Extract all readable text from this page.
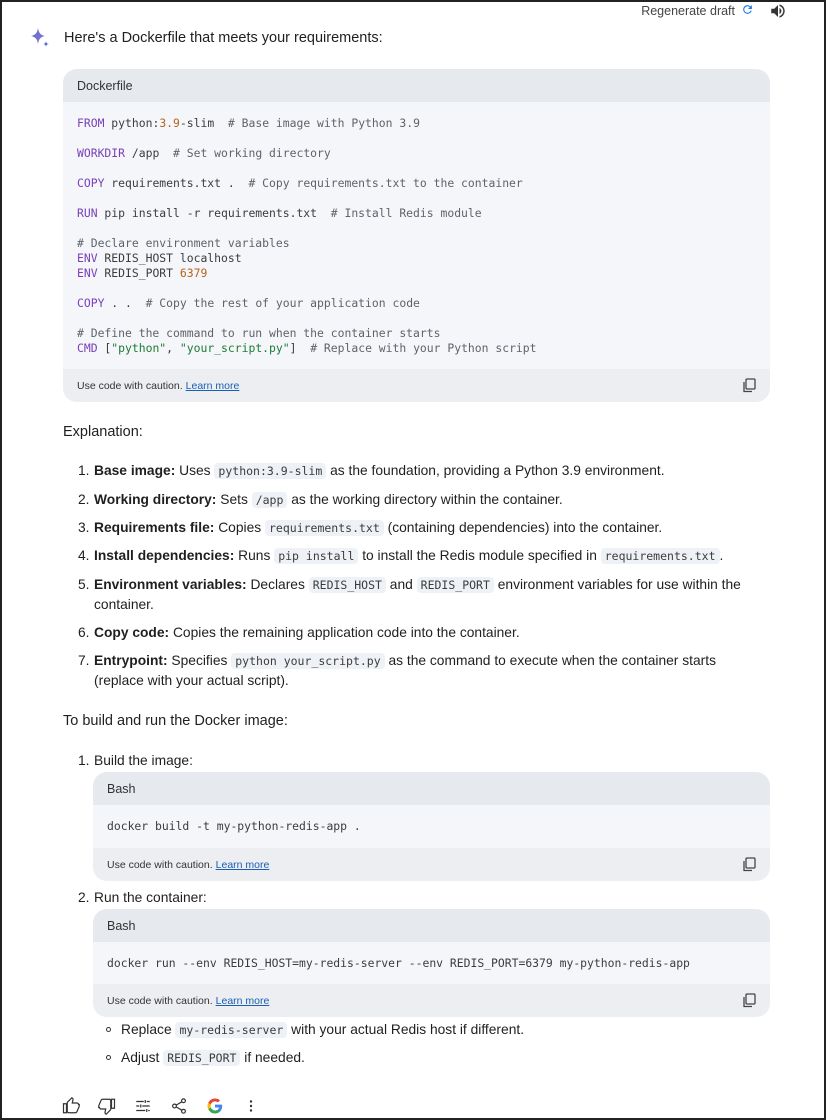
Regenerate draft
Here's a Dockerfile that meets your requirements:
Dockerfile
FROM python:3.9-slim  # Base image with Python 3.9

WORKDIR /app  # Set working directory

COPY requirements.txt .  # Copy requirements.txt to the container

RUN pip install -r requirements.txt  # Install Redis module

# Declare environment variables
ENV REDIS_HOST localhost
ENV REDIS_PORT 6379

COPY . .  # Copy the rest of your application code

# Define the command to run when the container starts
CMD ["python", "your_script.py"]  # Replace with your Python script
Use code with caution. Learn more
Explanation:
1. Base image: Uses python:3.9-slim as the foundation, providing a Python 3.9 environment.
2. Working directory: Sets /app as the working directory within the container.
3. Requirements file: Copies requirements.txt (containing dependencies) into the container.
4. Install dependencies: Runs pip install to install the Redis module specified in requirements.txt .
5. Environment variables: Declares REDIS_HOST and REDIS_PORT environment variables for use within the container.
6. Copy code: Copies the remaining application code into the container.
7. Entrypoint: Specifies python your_script.py as the command to execute when the container starts (replace with your actual script).
To build and run the Docker image:
1. Build the image:
2. Run the container:
Bash
docker build -t my-python-redis-app .
Use code with caution. Learn more
Bash
docker run --env REDIS_HOST=my-redis-server --env REDIS_PORT=6379 my-python-redis-app
Use code with caution. Learn more
Replace my-redis-server with your actual Redis host if different.
Adjust REDIS_PORT if needed.
